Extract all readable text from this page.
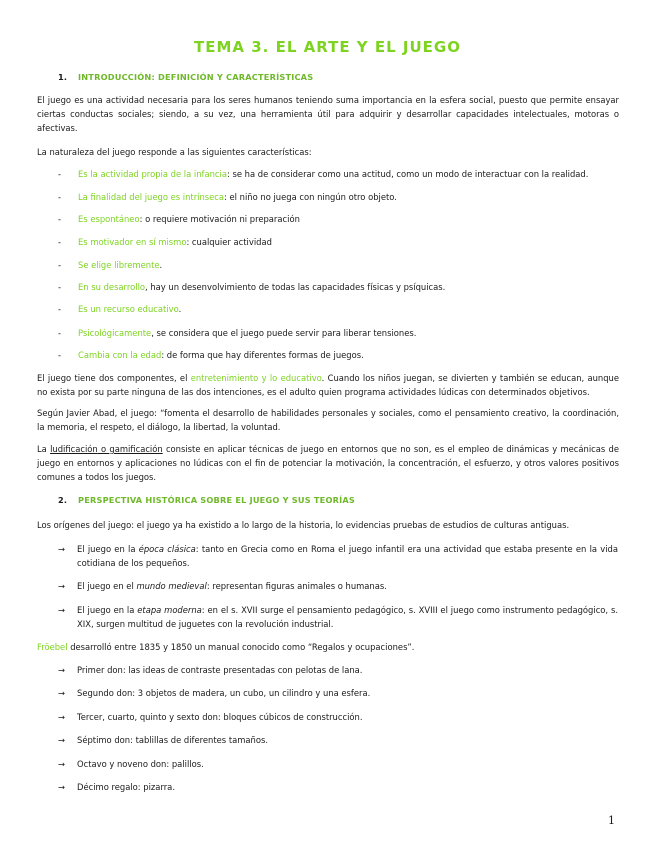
TEMA 3. EL ARTE Y EL JUEGO
1. INTRODUCCIÓN: DEFINICIÓN Y CARACTERÍSTICAS
El juego es una actividad necesaria para los seres humanos teniendo suma importancia en la esfera social, puesto que permite ensayar ciertas conductas sociales; siendo, a su vez, una herramienta útil para adquirir y desarrollar capacidades intelectuales, motoras o afectivas.
La naturaleza del juego responde a las siguientes características:
- Es la actividad propia de la infancia: se ha de considerar como una actitud, como un modo de interactuar con la realidad.
- La finalidad del juego es intrínseca: el niño no juega con ningún otro objeto.
- Es espontáneo: o requiere motivación ni preparación
- Es motivador en sí mismo: cualquier actividad
- Se elige libremente.
- En su desarrollo, hay un desenvolvimiento de todas las capacidades físicas y psíquicas.
- Es un recurso educativo.
- Psicológicamente, se considera que el juego puede servir para liberar tensiones.
- Cambia con la edad: de forma que hay diferentes formas de juegos.
El juego tiene dos componentes, el entretenimiento y lo educativo. Cuando los niños juegan, se divierten y también se educan, aunque no exista por su parte ninguna de las dos intenciones, es el adulto quien programa actividades lúdicas con determinados objetivos.
Según Javier Abad, el juego: “fomenta el desarrollo de habilidades personales y sociales, como el pensamiento creativo, la coordinación, la memoria, el respeto, el diálogo, la libertad, la voluntad.
La ludificación o gamificación consiste en aplicar técnicas de juego en entornos que no son, es el empleo de dinámicas y mecánicas de juego en entornos y aplicaciones no lúdicas con el fin de potenciar la motivación, la concentración, el esfuerzo, y otros valores positivos comunes a todos los juegos.
2. PERSPECTIVA HISTÓRICA SOBRE EL JUEGO Y SUS TEORÍAS
Los orígenes del juego: el juego ya ha existido a lo largo de la historia, lo evidencias pruebas de estudios de culturas antiguas.
→ El juego en la época clásica: tanto en Grecia como en Roma el juego infantil era una actividad que estaba presente en la vida cotidiana de los pequeños.
→ El juego en el mundo medieval: representan figuras animales o humanas.
→ El juego en la etapa moderna: en el s. XVII surge el pensamiento pedagógico, s. XVIII el juego como instrumento pedagógico, s. XIX, surgen multitud de juguetes con la revolución industrial.
Fröebel desarrolló entre 1835 y 1850 un manual conocido como “Regalos y ocupaciones”.
→ Primer don: las ideas de contraste presentadas con pelotas de lana.
→ Segundo don: 3 objetos de madera, un cubo, un cilindro y una esfera.
→ Tercer, cuarto, quinto y sexto don: bloques cúbicos de construcción.
→ Séptimo don: tablillas de diferentes tamaños.
→ Octavo y noveno don: palillos.
→ Décimo regalo: pizarra.
1
